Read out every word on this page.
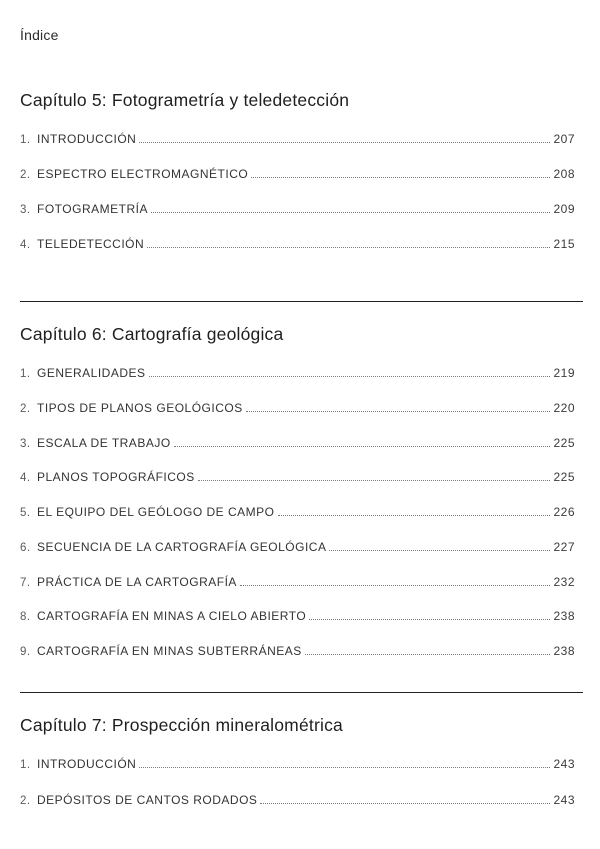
Índice
Capítulo 5: Fotogrametría y teledetección
1. INTRODUCCIÓN	207
2. ESPECTRO ELECTROMAGNÉTICO	208
3. FOTOGRAMETRÍA	209
4. TELEDETECCIÓN	215
Capítulo 6: Cartografía geológica
1. GENERALIDADES	219
2. TIPOS DE PLANOS GEOLÓGICOS	220
3. ESCALA DE TRABAJO	225
4. PLANOS TOPOGRÁFICOS	225
5. EL EQUIPO DEL GEÓLOGO DE CAMPO	226
6. SECUENCIA DE LA CARTOGRAFÍA GEOLÓGICA	227
7. PRÁCTICA DE LA CARTOGRAFÍA	232
8. CARTOGRAFÍA EN MINAS A CIELO ABIERTO	238
9. CARTOGRAFÍA EN MINAS SUBTERRÁNEAS	238
Capítulo 7: Prospección mineralométrica
1. INTRODUCCIÓN	243
2. DEPÓSITOS DE CANTOS RODADOS	243
